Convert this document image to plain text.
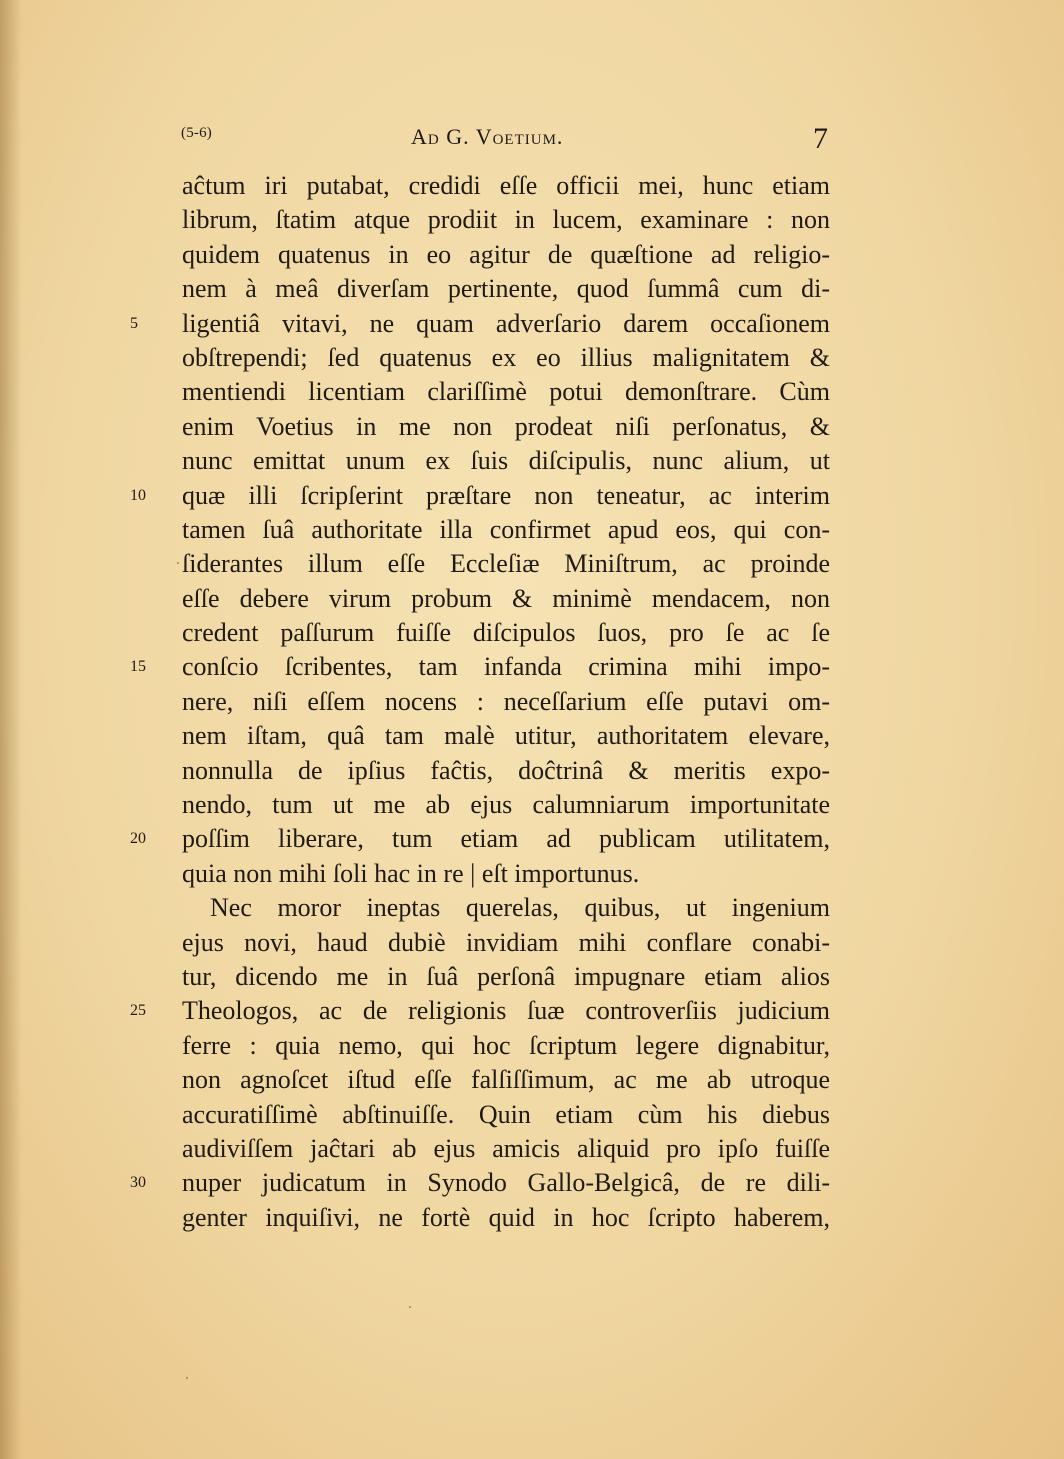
(5-6)	Ad G. Voetium.	7
aĉtum iri putabat, credidi eſſe officii mei, hunc etiam
librum, ſtatim atque prodiit in lucem, examinare : non
quidem quatenus in eo agitur de quæſtione ad religio-
nem à meâ diverſam pertinente, quod ſummâ cum di-
5	ligentiâ vitavi, ne quam adverſario darem occaſionem
obſtrependi; ſed quatenus ex eo illius malignitatem &
mentiendi licentiam clariſſimè potui demonſtrare. Cùm
enim Voetius in me non prodeat niſi perſonatus, &
nunc emittat unum ex ſuis diſcipulis, nunc alium, ut
10	quæ illi ſcripſerint præſtare non teneatur, ac interim
tamen ſuâ authoritate illa confirmet apud eos, qui con-
ſiderantes illum eſſe Eccleſiæ Miniſtrum, ac proinde
eſſe debere virum probum & minimè mendacem, non
credent paſſurum fuiſſe diſcipulos ſuos, pro ſe ac ſe
15	conſcio ſcribentes, tam infanda crimina mihi impo-
nere, niſi eſſem nocens : neceſſarium eſſe putavi om-
nem iſtam, quâ tam malè utitur, authoritatem elevare,
nonnulla de ipſius faĉtis, doĉtrinâ & meritis expo-
nendo, tum ut me ab ejus calumniarum importunitate
20	poſſim liberare, tum etiam ad publicam utilitatem,
quia non mihi ſoli hac in re | eſt importunus.
Nec moror ineptas querelas, quibus, ut ingenium
ejus novi, haud dubiè invidiam mihi conflare conabi-
tur, dicendo me in ſuâ perſonâ impugnare etiam alios
25	Theologos, ac de religionis ſuæ controverſiis judicium
ferre : quia nemo, qui hoc ſcriptum legere dignabitur,
non agnoſcet iſtud eſſe falſiſſimum, ac me ab utroque
accuratiſſimè abſtinuiſſe. Quin etiam cùm his diebus
audiviſſem jaĉtari ab ejus amicis aliquid pro ipſo fuiſſe
30	nuper judicatum in Synodo Gallo-Belgicâ, de re dili-
genter inquiſivi, ne fortè quid in hoc ſcripto haberem,
